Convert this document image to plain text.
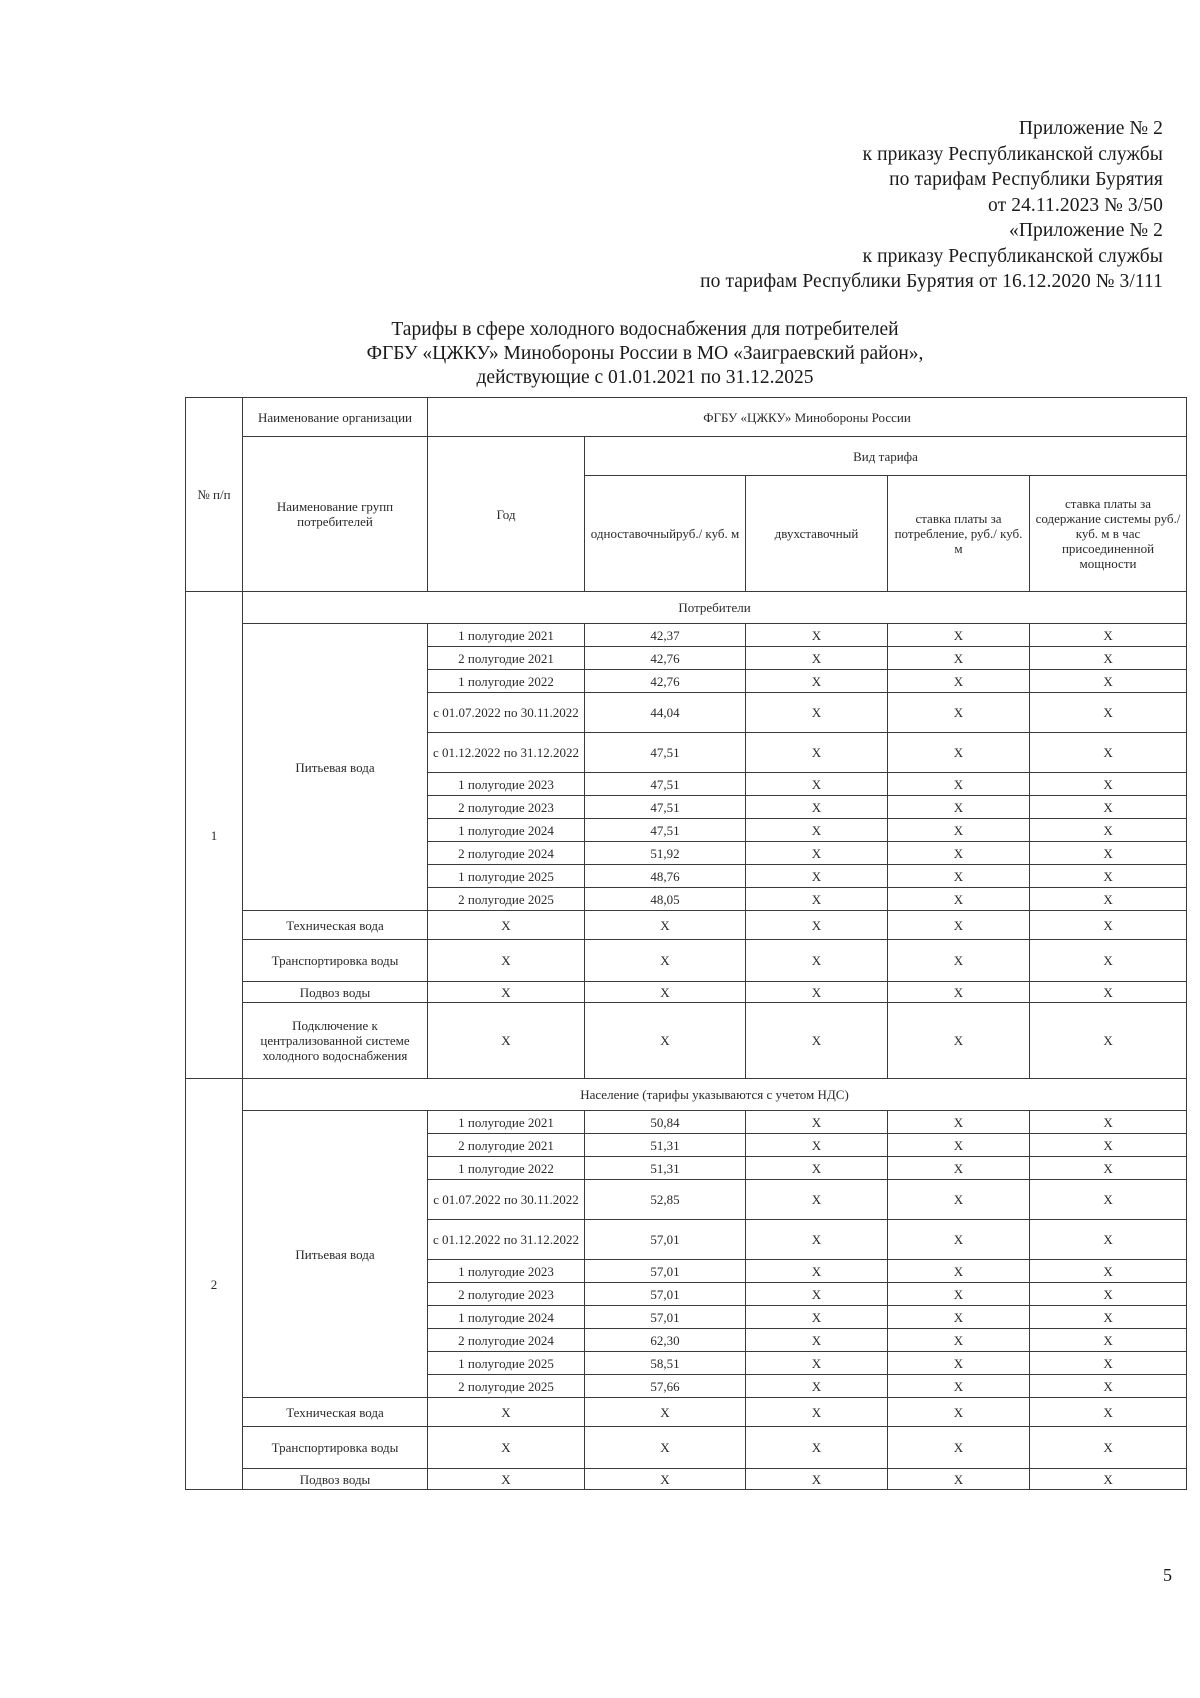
Приложение № 2
к приказу Республиканской службы
по тарифам Республики Бурятия
от 24.11.2023 № 3/50
«Приложение № 2
к приказу Республиканской службы
по тарифам Республики Бурятия от 16.12.2020 № 3/111
Тарифы в сфере холодного водоснабжения для потребителей
ФГБУ «ЦЖКУ» Минобороны России в МО «Заиграевский район»,
действующие с 01.01.2021 по 31.12.2025
№ п/п	Наименование организации	ФГБУ «ЦЖКУ» Минобороны России				
	Наименование групп потребителей	Год	Вид тарифа			
			одноставочныйруб./ куб. м	двухставочный	ставка платы за потребление, руб./ куб. м	ставка платы за содержание системы руб./куб. м в час присоединенной мощности

1	Потребители					
	Питьевая вода	1 полугодие 2021	42,37	X	X	X
		2 полугодие 2021	42,76	X	X	X
		1 полугодие 2022	42,76	X	X	X
		с 01.07.2022 по 30.11.2022	44,04	X	X	X
		с 01.12.2022 по 31.12.2022	47,51	X	X	X
		1 полугодие 2023	47,51	X	X	X
		2 полугодие 2023	47,51	X	X	X
		1 полугодие 2024	47,51	X	X	X
		2 полугодие 2024	51,92	X	X	X
		1 полугодие 2025	48,76	X	X	X
		2 полугодие 2025	48,05	X	X	X
	Техническая вода	X	X	X	X	X
	Транспортировка воды	X	X	X	X	X
	Подвоз воды	X	X	X	X	X
	Подключение к централизованной системе холодного водоснабжения	X	X	X	X	X
2	Население (тарифы указываются с учетом НДС)					
	Питьевая вода	1 полугодие 2021	50,84	X	X	X
		2 полугодие 2021	51,31	X	X	X
		1 полугодие 2022	51,31	X	X	X
		с 01.07.2022 по 30.11.2022	52,85	X	X	X
		с 01.12.2022 по 31.12.2022	57,01	X	X	X
		1 полугодие 2023	57,01	X	X	X
		2 полугодие 2023	57,01	X	X	X
		1 полугодие 2024	57,01	X	X	X
		2 полугодие 2024	62,30	X	X	X
		1 полугодие 2025	58,51	X	X	X
		2 полугодие 2025	57,66	X	X	X
	Техническая вода	X	X	X	X	X
	Транспортировка воды	X	X	X	X	X
	Подвоз воды	X	X	X	X	X
5
